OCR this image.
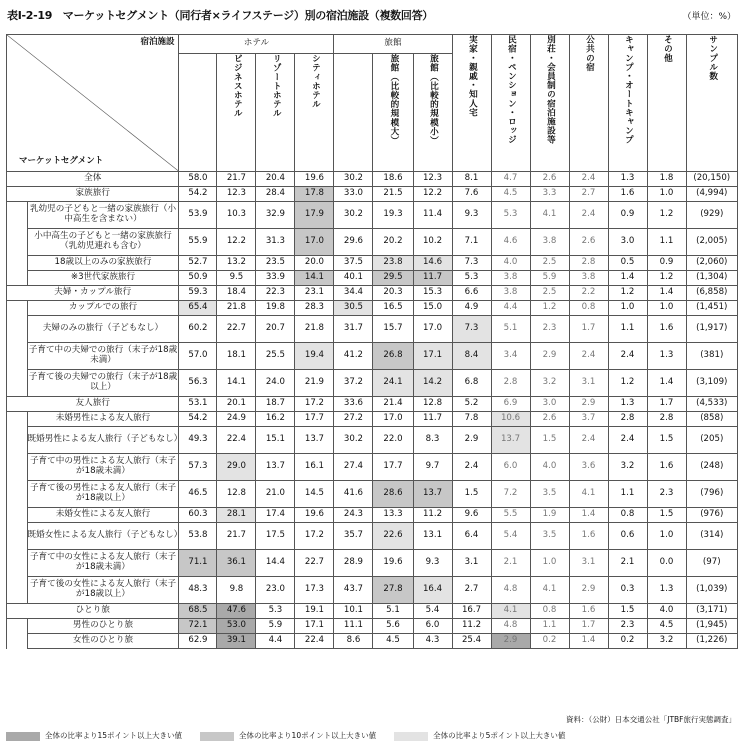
表I-2-19　マーケットセグメント（同行者×ライフステージ）別の宿泊施設（複数回答）	（単位：%）
宿泊施設
マーケットセグメント		ホテル				旅館			実家・親戚・知人宅	民宿・ペンション・ロッジ	別荘・会員制の宿泊施設等	公共の宿	キャンプ・オートキャンプ	その他	サンプル数
			ビジネスホテル	リゾートホテル	シティホテル		旅館（比較的規模大）	旅館（比較的規模小）							
全体		58.0	21.7	20.4	19.6	30.2	18.6	12.3	8.1	4.7	2.6	2.4	1.3	1.8	(20,150)
家族旅行		54.2	12.3	28.4	17.8	33.0	21.5	12.2	7.6	4.5	3.3	2.7	1.6	1.0	(4,994)
	乳幼児の子どもと一緒の家族旅行（小中高生を含まない）	53.9	10.3	32.9	17.9	30.2	19.3	11.4	9.3	5.3	4.1	2.4	0.9	1.2	(929)
	小中高生の子どもと一緒の家族旅行（乳幼児連れも含む）	55.9	12.2	31.3	17.0	29.6	20.2	10.2	7.1	4.6	3.8	2.6	3.0	1.1	(2,005)
	18歳以上のみの家族旅行	52.7	13.2	23.5	20.0	37.5	23.8	14.6	7.3	4.0	2.5	2.8	0.5	0.9	(2,060)
	※3世代家族旅行	50.9	9.5	33.9	14.1	40.1	29.5	11.7	5.3	3.8	5.9	3.8	1.4	1.2	(1,304)
夫婦・カップル旅行		59.3	18.4	22.3	23.1	34.4	20.3	15.3	6.6	3.8	2.5	2.2	1.2	1.4	(6,858)
	カップルでの旅行	65.4	21.8	19.8	28.3	30.5	16.5	15.0	4.9	4.4	1.2	0.8	1.0	1.0	(1,451)
	夫婦のみの旅行（子どもなし）	60.2	22.7	20.7	21.8	31.7	15.7	17.0	7.3	5.1	2.3	1.7	1.1	1.6	(1,917)
	子育て中の夫婦での旅行（末子が18歳未満）	57.0	18.1	25.5	19.4	41.2	26.8	17.1	8.4	3.4	2.9	2.4	2.4	1.3	(381)
	子育て後の夫婦での旅行（末子が18歳以上）	56.3	14.1	24.0	21.9	37.2	24.1	14.2	6.8	2.8	3.2	3.1	1.2	1.4	(3,109)
友人旅行		53.1	20.1	18.7	17.2	33.6	21.4	12.8	5.2	6.9	3.0	2.9	1.3	1.7	(4,533)
	未婚男性による友人旅行	54.2	24.9	16.2	17.7	27.2	17.0	11.7	7.8	10.6	2.6	3.7	2.8	2.8	(858)
	既婚男性による友人旅行（子どもなし）	49.3	22.4	15.1	13.7	30.2	22.0	8.3	2.9	13.7	1.5	2.4	2.4	1.5	(205)
	子育て中の男性による友人旅行（末子が18歳未満）	57.3	29.0	13.7	16.1	27.4	17.7	9.7	2.4	6.0	4.0	3.6	3.2	1.6	(248)
	子育て後の男性による友人旅行（末子が18歳以上）	46.5	12.8	21.0	14.5	41.6	28.6	13.7	1.5	7.2	3.5	4.1	1.1	2.3	(796)
	未婚女性による友人旅行	60.3	28.1	17.4	19.6	24.3	13.3	11.2	9.6	5.5	1.9	1.4	0.8	1.5	(976)
	既婚女性による友人旅行（子どもなし）	53.8	21.7	17.5	17.2	35.7	22.6	13.1	6.4	5.4	3.5	1.6	0.6	1.0	(314)
	子育て中の女性による友人旅行（末子が18歳未満）	71.1	36.1	14.4	22.7	28.9	19.6	9.3	3.1	2.1	1.0	3.1	2.1	0.0	(97)
	子育て後の女性による友人旅行（末子が18歳以上）	48.3	9.8	23.0	17.3	43.7	27.8	16.4	2.7	4.8	4.1	2.9	0.3	1.3	(1,039)
ひとり旅		68.5	47.6	5.3	19.1	10.1	5.1	5.4	16.7	4.1	0.8	1.6	1.5	4.0	(3,171)
	男性のひとり旅	72.1	53.0	5.9	17.1	11.1	5.6	6.0	11.2	4.8	1.1	1.7	2.3	4.5	(1,945)
	女性のひとり旅	62.9	39.1	4.4	22.4	8.6	4.5	4.3	25.4	2.9	0.2	1.4	0.2	3.2	(1,226)
資料：（公財）日本交通公社「JTBF旅行実態調査」
全体の比率より15ポイント以上大きい値	全体の比率より10ポイント以上大きい値	全体の比率より5ポイント以上大きい値
